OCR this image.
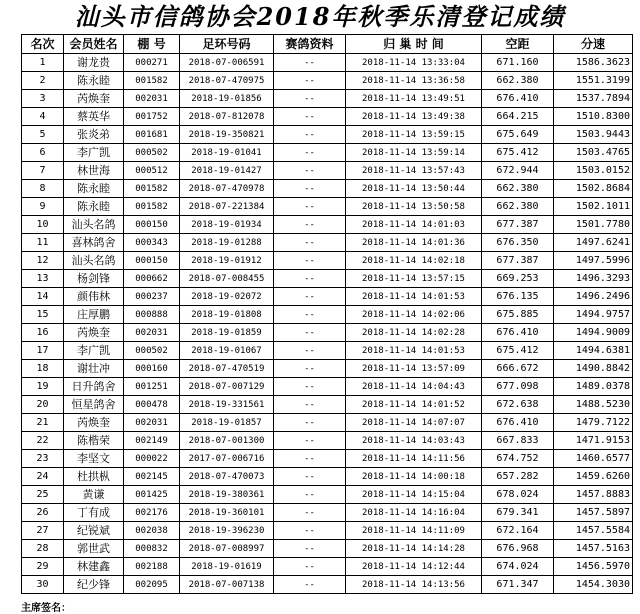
汕头市信鸽协会2018年秋季乐清登记成绩
名次	会员姓名	棚 号	足环号码	赛鸽资料	归 巢 时 间	空距	分速
1	谢龙贵	000271	2018-07-006591	--	2018-11-14 13:33:04	671.160	1586.3623
2	陈永睦	001582	2018-07-470975	--	2018-11-14 13:36:58	662.380	1551.3199
3	芮焕奎	002031	2018-19-01856	--	2018-11-14 13:49:51	676.410	1537.7894
4	蔡英华	001752	2018-07-812078	--	2018-11-14 13:49:38	664.215	1510.8300
5	张炎弟	001681	2018-19-350821	--	2018-11-14 13:59:15	675.649	1503.9443
6	李广凯	000502	2018-19-01041	--	2018-11-14 13:59:14	675.412	1503.4765
7	林世海	000512	2018-19-01427	--	2018-11-14 13:57:43	672.944	1503.0152
8	陈永睦	001582	2018-07-470978	--	2018-11-14 13:50:44	662.380	1502.8684
9	陈永睦	001582	2018-07-221384	--	2018-11-14 13:50:58	662.380	1502.1011
10	汕头名鸽	000150	2018-19-01934	--	2018-11-14 14:01:03	677.387	1501.7780
11	喜林鸽舍	000343	2018-19-01288	--	2018-11-14 14:01:36	676.350	1497.6241
12	汕头名鸽	000150	2018-19-01912	--	2018-11-14 14:02:18	677.387	1497.5996
13	杨剑锋	000662	2018-07-008455	--	2018-11-14 13:57:15	669.253	1496.3293
14	颜伟林	000237	2018-19-02072	--	2018-11-14 14:01:53	676.135	1496.2496
15	庄厚鹏	000888	2018-19-01808	--	2018-11-14 14:02:06	675.885	1494.9757
16	芮焕奎	002031	2018-19-01859	--	2018-11-14 14:02:28	676.410	1494.9009
17	李广凯	000502	2018-19-01067	--	2018-11-14 14:01:53	675.412	1494.6381
18	谢壮冲	000160	2018-07-470519	--	2018-11-14 13:57:09	666.672	1490.8842
19	日升鸽舍	001251	2018-07-007129	--	2018-11-14 14:04:43	677.098	1489.0378
20	恒星鸽舍	000478	2018-19-331561	--	2018-11-14 14:01:52	672.638	1488.5230
21	芮焕奎	002031	2018-19-01857	--	2018-11-14 14:07:07	676.410	1479.7122
22	陈楷荣	002149	2018-07-001300	--	2018-11-14 14:03:43	667.833	1471.9153
23	李坚文	000022	2017-07-006716	--	2018-11-14 14:11:56	674.752	1460.6577
24	杜拱枞	002145	2018-07-470073	--	2018-11-14 14:00:18	657.282	1459.6260
25	黄谦	001425	2018-19-380361	--	2018-11-14 14:15:04	678.024	1457.8883
26	丁有成	002176	2018-19-360101	--	2018-11-14 14:16:04	679.341	1457.5897
27	纪锐斌	002038	2018-19-396230	--	2018-11-14 14:11:09	672.164	1457.5584
28	郭世武	000832	2018-07-008997	--	2018-11-14 14:14:28	676.968	1457.5163
29	林建鑫	002188	2018-19-01619	--	2018-11-14 14:12:44	674.024	1456.5970
30	纪少锋	002095	2018-07-007138	--	2018-11-14 14:13:56	671.347	1454.3030
主席签名：
